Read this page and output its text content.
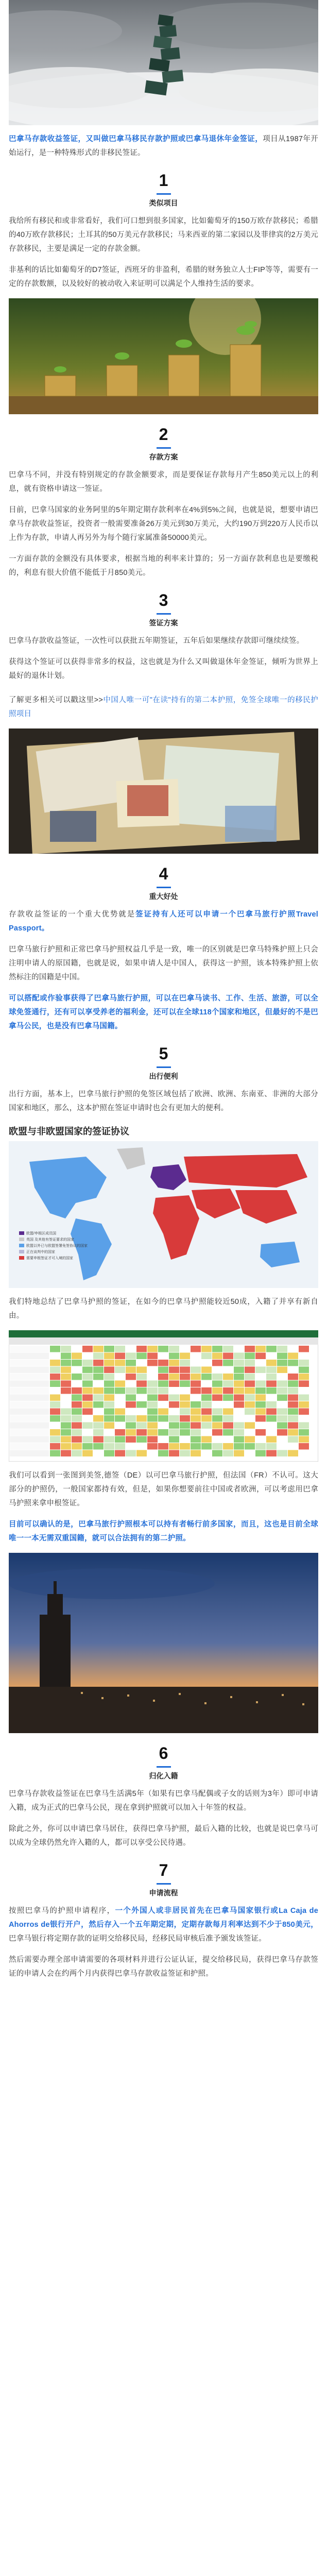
巴拿马存款收益签证，又叫做巴拿马移民存款护照或巴拿马退休年金签证，项目从1987年开始运行，是一种特殊形式的非移民签证。

1
类似项目

我给所有移民和或非常看好，我们可口想到很多国家，比如葡萄牙的150万欧存款移民；希腊的40万欧存款移民；土耳其的50万美元存款移民；马来西亚的第二家园以及菲律宾的2万美元存款移民，主要是满足一定的存款金额。

非基利的话比如葡萄牙的D7签证，西班牙的非盈利，希腊的财务独立人士FIP等等，需要有一定的存款数额，以及较好的被动收入来证明可以满足个人维持生活的要求。

2
存款方案

巴拿马不同，并没有特别规定的存款金额要求，而是要保证存款每月产生850美元以上的利息，就有资格申请这一签证。

目前，巴拿马国家的业务阿里的5年期定期存款利率在4%到5%之间，也就是说，想要申请巴拿马存款收益签证，投资者一般需要准备26万美元到30万美元，大约190万到220万人民币以上作为存款，申请人再另外为每个随行家属准备50000美元。

一方面存款的金额没有具体要求，根据当地的利率来计算的；另一方面存款利息也是要缴税的，利息有很大价值不能低于月850美元。

3
签证方案

巴拿马存款收益签证，一次性可以获批五年期签证，五年后如果继续存款即可继续续签。

获得这个签证可以获得非常多的权益，这也就是为什么又叫做退休年金签证，倾听为世界上最好的退休计划。

了解更多相关可以戳这里>>中国人唯一可"在读"持有的第二本护照，免签全球唯一的移民护照项目

4
重大好处

存款收益签证的一个重大优势就是签证持有人还可以申请一个巴拿马旅行护照Travel Passport。

巴拿马旅行护照和正常巴拿马护照权益几乎是一致，唯一的区别就是巴拿马特殊护照上只会注明申请人的原国籍，也就是说，如果申请人是中国人，获得这一护照，该本特殊护照上依然标注的国籍是中国。

可以搭配或作验事获得了巴拿马旅行护照，可以在巴拿马读书、工作、生活、旅游，可以全球免签通行，还有可以享受养老的福利金，还可以在全球118个国家和地区，但最好的不是巴拿马公民，也是没有巴拿马国籍。

5
出行便利

出行方面，基本上，巴拿马旅行护照的免签区域包括了欧洲、欧洲、东南亚、非洲的大部分国家和地区，那么，这本护照在签证申请时也会有更加大的便利。

欧盟与非欧盟国家的签证协议
欧盟/申根区成员国
英国 及其他有签证要求的国家
欧盟以外已与欧盟签署免签协议的国家
正在谈判中的国家
需要申根签证才可入境的国家

我们特地总结了巴拿马护照的签证，在如今的巴拿马护照能较近50成，入籍了并享有新自由。

我们可以看到一张图到美签,德签（DE）以可巴拿马旅行护照，但法国（FR）不认可。这大部分的护照仍，一般国家都持有效，但是，如果你想要前往中国或者欧洲，可以考虑用巴拿马护照来拿申根签证。

目前可以确认的是，巴拿马旅行护照根本可以持有者畅行前多国家，而且，这也是目前全球唯一一本无需双重国籍，就可以合法拥有的第二护照。

6
归化入籍

巴拿马存款收益签证在巴拿马生活满5年（如果有巴拿马配偶或子女的话则为3年）即可申请入籍，成为正式的巴拿马公民，现在拿到护照就可以加入十年签的权益。

除此之外，你可以申请巴拿马居住，获得巴拿马护照，最后入籍的比较，也就是说巴拿马可以成为全球仍然允许入籍的人，都可以享受公民待遇。

7
申请流程

按照巴拿马的护照申请程序，一个外国人或非居民首先在巴拿马国家银行或La Caja de Ahorros de银行开户，然后存入一个五年期定期，定期存款每月利率达到不少于850美元，巴拿马银行将定期存款的证明交给移民局，经移民局审核后准予颁发该签证。

然后需要办理全部申请需要的各项材料并进行公证认证，提交给移民局，获得巴拿马存款签证的申请人会在约两个月内获得巴拿马存款收益签证和护照。
